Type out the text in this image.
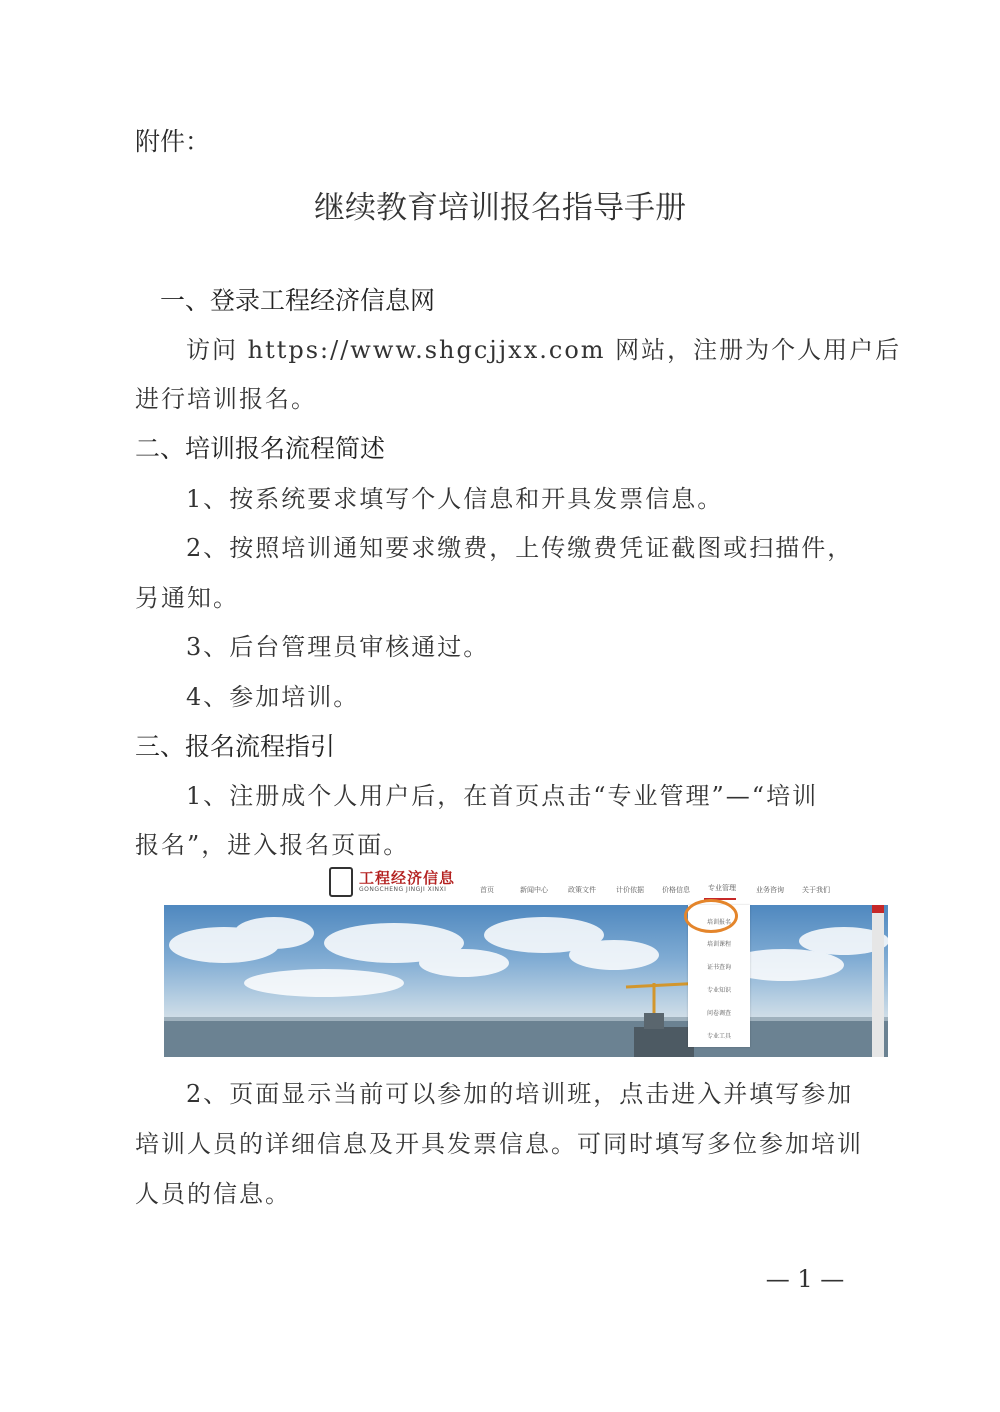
附件：
继续教育培训报名指导手册
一、登录工程经济信息网
访问 https://www.shgcjjxx.com 网站，注册为个人用户后
进行培训报名。
二、培训报名流程简述
1、按系统要求填写个人信息和开具发票信息。
2、按照培训通知要求缴费，上传缴费凭证截图或扫描件，
另通知。
3、后台管理员审核通过。
4、参加培训。
三、报名流程指引
1、注册成个人用户后，在首页点击“专业管理”—“培训
报名”，进入报名页面。
工程经济信息
GONGCHENG JINGJI XINXI	首页	新闻中心	政策文件	计价依据	价格信息	专业管理	业务咨询	关于我们
培训报名
培训课程
证书查询
专业知识
问卷调查
专业工具
2、页面显示当前可以参加的培训班，点击进入并填写参加
培训人员的详细信息及开具发票信息。可同时填写多位参加培训
人员的信息。
— 1 —
